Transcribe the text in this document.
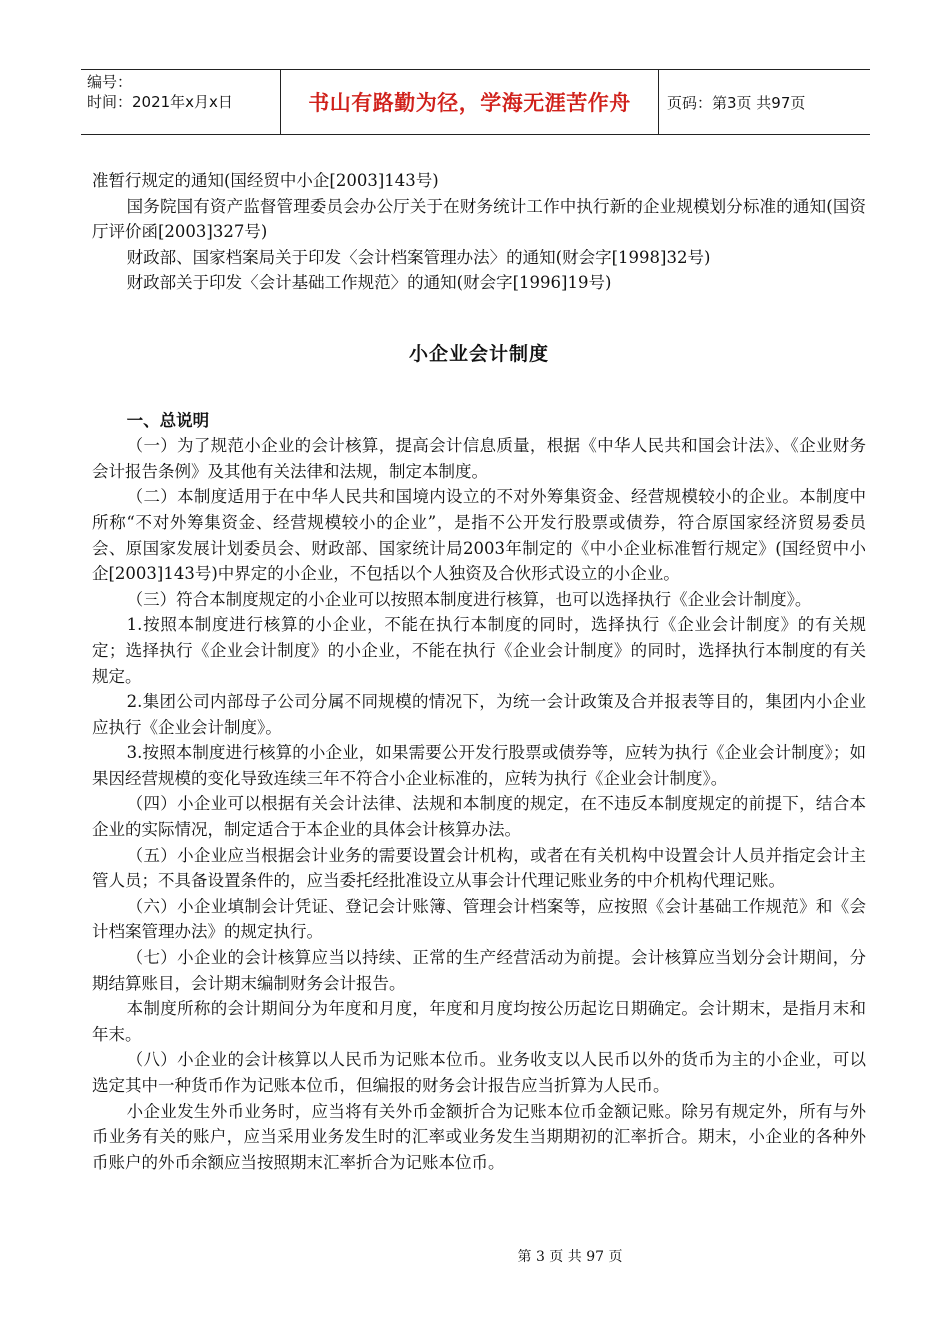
编号：
时间：2021年x月x日	书山有路勤为径，学海无涯苦作舟	页码：第3页 共97页

准暂行规定的通知(国经贸中小企[2003]143号)

国务院国有资产监督管理委员会办公厅关于在财务统计工作中执行新的企业规模划分标准的通知(国资厅评价函[2003]327号)

财政部、国家档案局关于印发〈会计档案管理办法〉的通知(财会字[1998]32号)

财政部关于印发〈会计基础工作规范〉的通知(财会字[1996]19号)

小企业会计制度
一、总说明

（一）为了规范小企业的会计核算，提高会计信息质量，根据《中华人民共和国会计法》、《企业财务会计报告条例》及其他有关法律和法规，制定本制度。

（二）本制度适用于在中华人民共和国境内设立的不对外筹集资金、经营规模较小的企业。本制度中所称“不对外筹集资金、经营规模较小的企业”，是指不公开发行股票或债券，符合原国家经济贸易委员会、原国家发展计划委员会、财政部、国家统计局2003年制定的《中小企业标准暂行规定》(国经贸中小企[2003]143号)中界定的小企业，不包括以个人独资及合伙形式设立的小企业。

（三）符合本制度规定的小企业可以按照本制度进行核算，也可以选择执行《企业会计制度》。

1.按照本制度进行核算的小企业，不能在执行本制度的同时，选择执行《企业会计制度》的有关规定；选择执行《企业会计制度》的小企业，不能在执行《企业会计制度》的同时，选择执行本制度的有关规定。

2.集团公司内部母子公司分属不同规模的情况下，为统一会计政策及合并报表等目的，集团内小企业应执行《企业会计制度》。

3.按照本制度进行核算的小企业，如果需要公开发行股票或债券等，应转为执行《企业会计制度》；如果因经营规模的变化导致连续三年不符合小企业标准的，应转为执行《企业会计制度》。

（四）小企业可以根据有关会计法律、法规和本制度的规定，在不违反本制度规定的前提下，结合本企业的实际情况，制定适合于本企业的具体会计核算办法。

（五）小企业应当根据会计业务的需要设置会计机构，或者在有关机构中设置会计人员并指定会计主管人员；不具备设置条件的，应当委托经批准设立从事会计代理记账业务的中介机构代理记账。

（六）小企业填制会计凭证、登记会计账簿、管理会计档案等，应按照《会计基础工作规范》和《会计档案管理办法》的规定执行。

（七）小企业的会计核算应当以持续、正常的生产经营活动为前提。会计核算应当划分会计期间，分期结算账目，会计期末编制财务会计报告。

本制度所称的会计期间分为年度和月度，年度和月度均按公历起讫日期确定。会计期末，是指月末和年末。

（八）小企业的会计核算以人民币为记账本位币。业务收支以人民币以外的货币为主的小企业，可以选定其中一种货币作为记账本位币，但编报的财务会计报告应当折算为人民币。

小企业发生外币业务时，应当将有关外币金额折合为记账本位币金额记账。除另有规定外，所有与外币业务有关的账户，应当采用业务发生时的汇率或业务发生当期期初的汇率折合。期末，小企业的各种外币账户的外币余额应当按照期末汇率折合为记账本位币。

第 3 页 共 97 页
